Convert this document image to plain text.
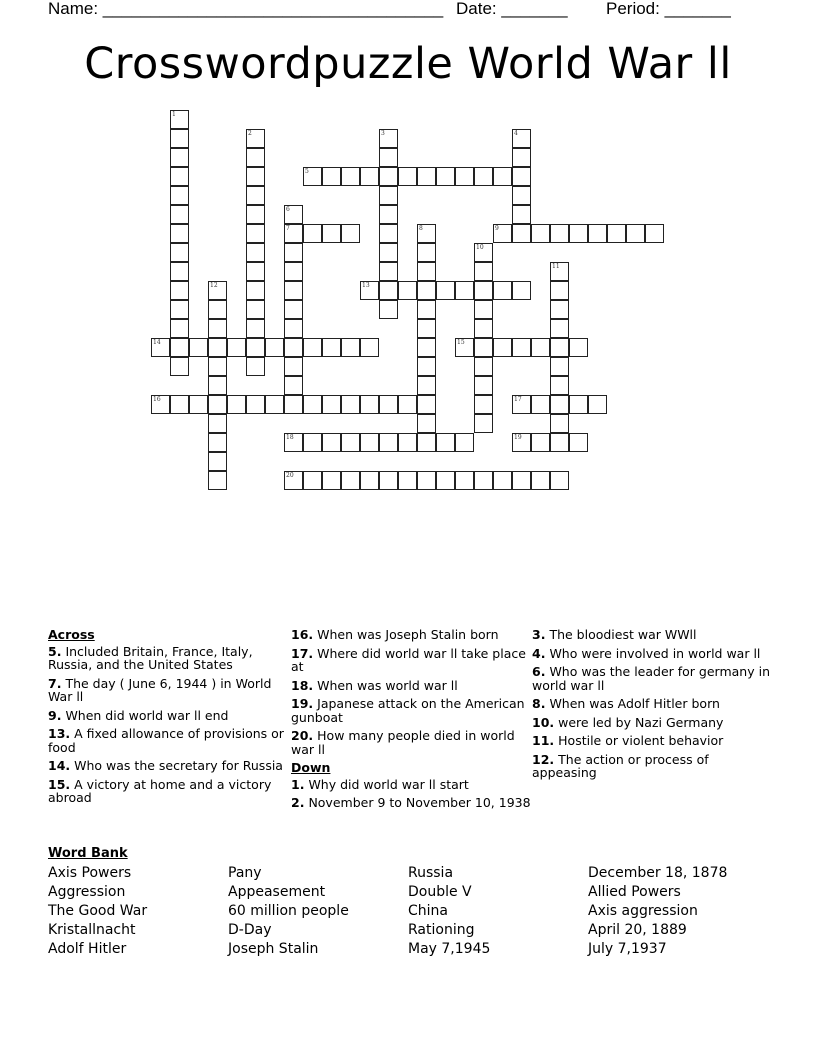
Name: ____________________________________ Date: _______ Period: _______
Crosswordpuzzle World War ll
1
2	3	4
5
6
7	8	9
10
11
12	13
14	15
16	17
18	19
20
Across
5. Included Britain, France, Italy, Russia, and the United States
7. The day ( June 6, 1944 ) in World War ll
9. When did world war ll end
13. A fixed allowance of provisions or food
14. Who was the secretary for Russia
15. A victory at home and a victory abroad
16. When was Joseph Stalin born
17. Where did world war ll take place at
18. When was world war ll
19. Japanese attack on the American gunboat
20. How many people died in world war ll
Down
1. Why did world war ll start
2. November 9 to November 10, 1938
3. The bloodiest war WWll
4. Who were involved in world war ll
6. Who was the leader for germany in world war ll
8. When was Adolf Hitler born
10. were led by Nazi Germany
11. Hostile or violent behavior
12. The action or process of appeasing
Word Bank
Axis Powers
Aggression
The Good War
Kristallnacht
Adolf Hitler
Pany
Appeasement
60 million people
D-Day
Joseph Stalin
Russia
Double V
China
Rationing
May 7,1945
December 18, 1878
Allied Powers
Axis aggression
April 20, 1889
July 7,1937
